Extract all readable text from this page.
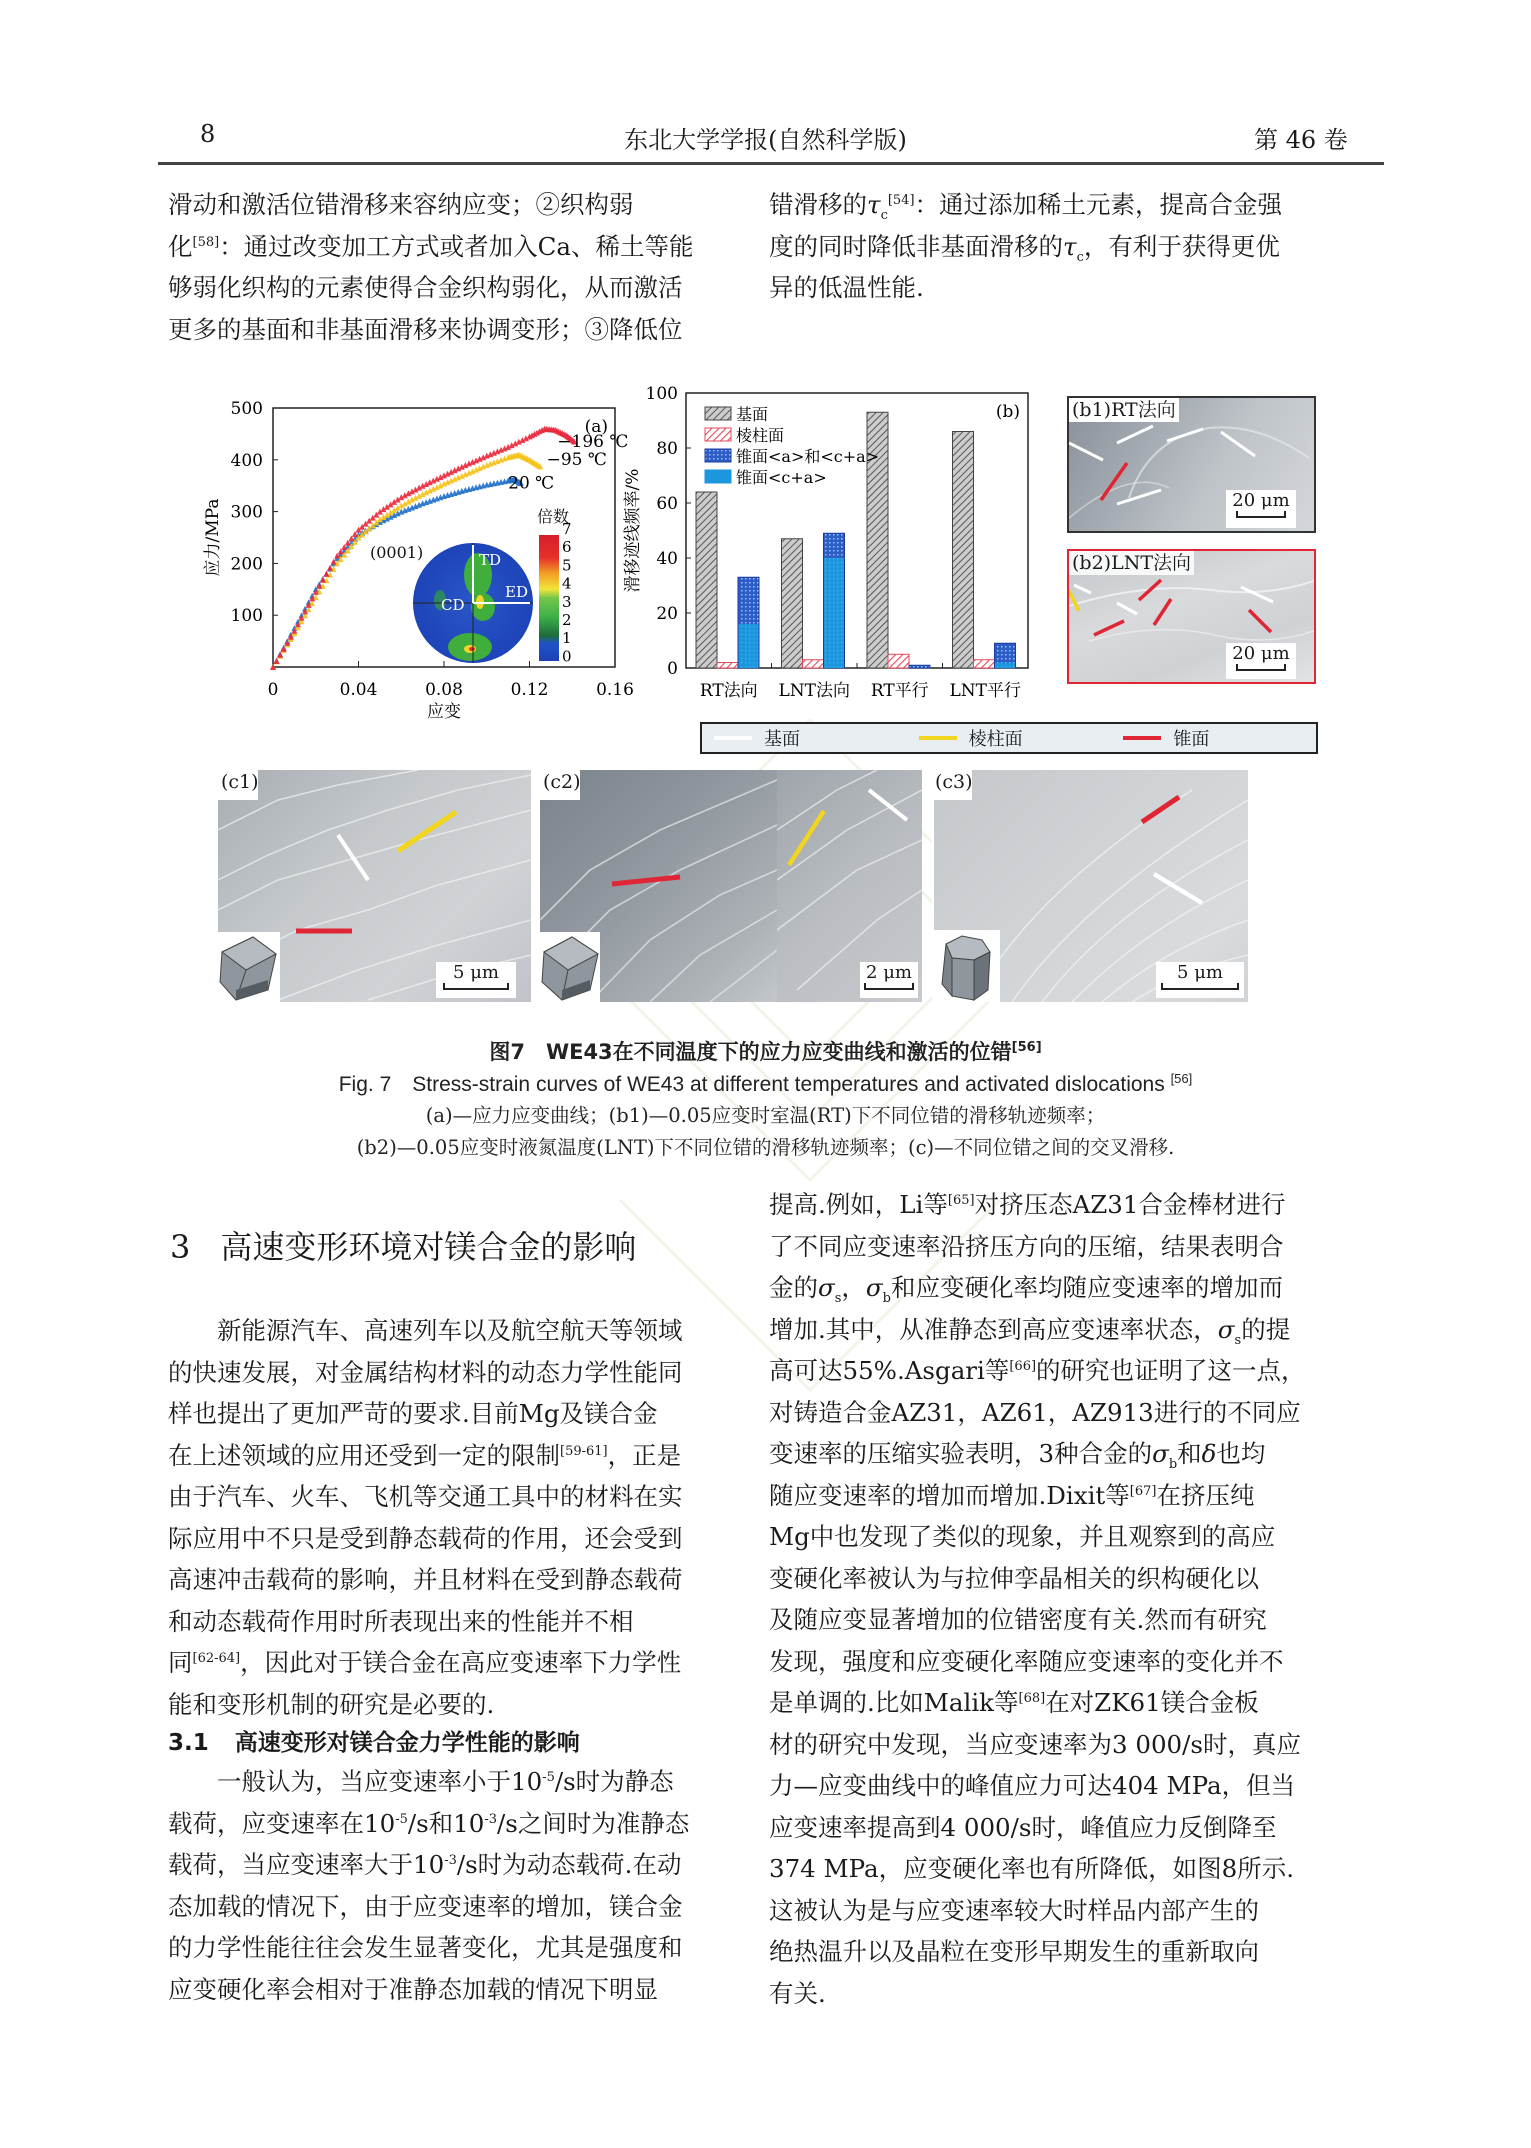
8	东北大学学报(自然科学版)	第 46 卷

滑动和激活位错滑移来容纳应变；②织构弱

化[58]：通过改变加工方式或者加入Ca、稀土等能

够弱化织构的元素使得合金织构弱化，从而激活

更多的基面和非基面滑移来协调变形；③降低位

错滑移的$\tau_c[54]$：通过添加稀土元素，提高合金强

度的同时降低非基面滑移的$\tau_c$，有利于获得更优

异的低温性能.

0	0.04	0.08	0.12	0.16
100
200
300
400
500
应变
应力/MPa
(a)
−196 ℃
−95 ℃
20 ℃
TD
ED
CD
(0001)
倍数
7
6
5
4
3
2
1
0
0
20
40
60
80
100
滑移迹线频率/%
(b)
RT法向 LNT法向 RT平行 LNT平行
基面
棱柱面
锥面<a>和<c+a>
锥面<c+a>
(b1)RT法向
20 μm
(b2)LNT法向
20 μm
基面	棱柱面	锥面
(c1)
5 μm
(c2)
2 μm
(c3)
5 μm
图7　WE43在不同温度下的应力应变曲线和激活的位错[56]
Fig. 7　Stress-strain curves of WE43 at different temperatures and activated dislocations [56]
(a)—应力应变曲线；(b1)—0.05应变时室温(RT)下不同位错的滑移轨迹频率；
(b2)—0.05应变时液氮温度(LNT)下不同位错的滑移轨迹频率；(c)—不同位错之间的交叉滑移.
3 高速变形环境对镁合金的影响

新能源汽车、高速列车以及航空航天等领域

的快速发展，对金属结构材料的动态力学性能同

样也提出了更加严苛的要求.目前Mg及镁合金

在上述领域的应用还受到一定的限制[59-61]，正是

由于汽车、火车、飞机等交通工具中的材料在实

际应用中不只是受到静态载荷的作用，还会受到

高速冲击载荷的影响，并且材料在受到静态载荷

和动态载荷作用时所表现出来的性能并不相

同[62-64]，因此对于镁合金在高应变速率下力学性

能和变形机制的研究是必要的.

3.1 高速变形对镁合金力学性能的影响

一般认为，当应变速率小于$10^{-5}/s$时为静态

载荷，应变速率在$10^{-5}/s$和$10^{-3}/s$之间时为准静态

载荷，当应变速率大于$10^{-3}/s$时为动态载荷.在动

态加载的情况下，由于应变速率的增加，镁合金

的力学性能往往会发生显著变化，尤其是强度和

应变硬化率会相对于准静态加载的情况下明显

提高.例如，Li等[65]对挤压态AZ31合金棒材进行

了不同应变速率沿挤压方向的压缩，结果表明合

金的$\sigma_s$，$\sigma_b$和应变硬化率均随应变速率的增加而

增加.其中，从准静态到高应变速率状态，$\sigma_s$的提

高可达55%.Asgari等[66]的研究也证明了这一点，

对铸造合金AZ31，AZ61，AZ913进行的不同应

变速率的压缩实验表明，3种合金的$\sigma_b$和δ也均

随应变速率的增加而增加.Dixit等[67]在挤压纯

Mg中也发现了类似的现象，并且观察到的高应

变硬化率被认为与拉伸孪晶相关的织构硬化以

及随应变显著增加的位错密度有关.然而有研究

发现，强度和应变硬化率随应变速率的变化并不

是单调的.比如Malik等[68]在对ZK61镁合金板

材的研究中发现，当应变速率为3 000/s时，真应

力—应变曲线中的峰值应力可达404 MPa，但当

应变速率提高到4 000/s时，峰值应力反倒降至

374 MPa，应变硬化率也有所降低，如图8所示.

这被认为是与应变速率较大时样品内部产生的

绝热温升以及晶粒在变形早期发生的重新取向

有关.
